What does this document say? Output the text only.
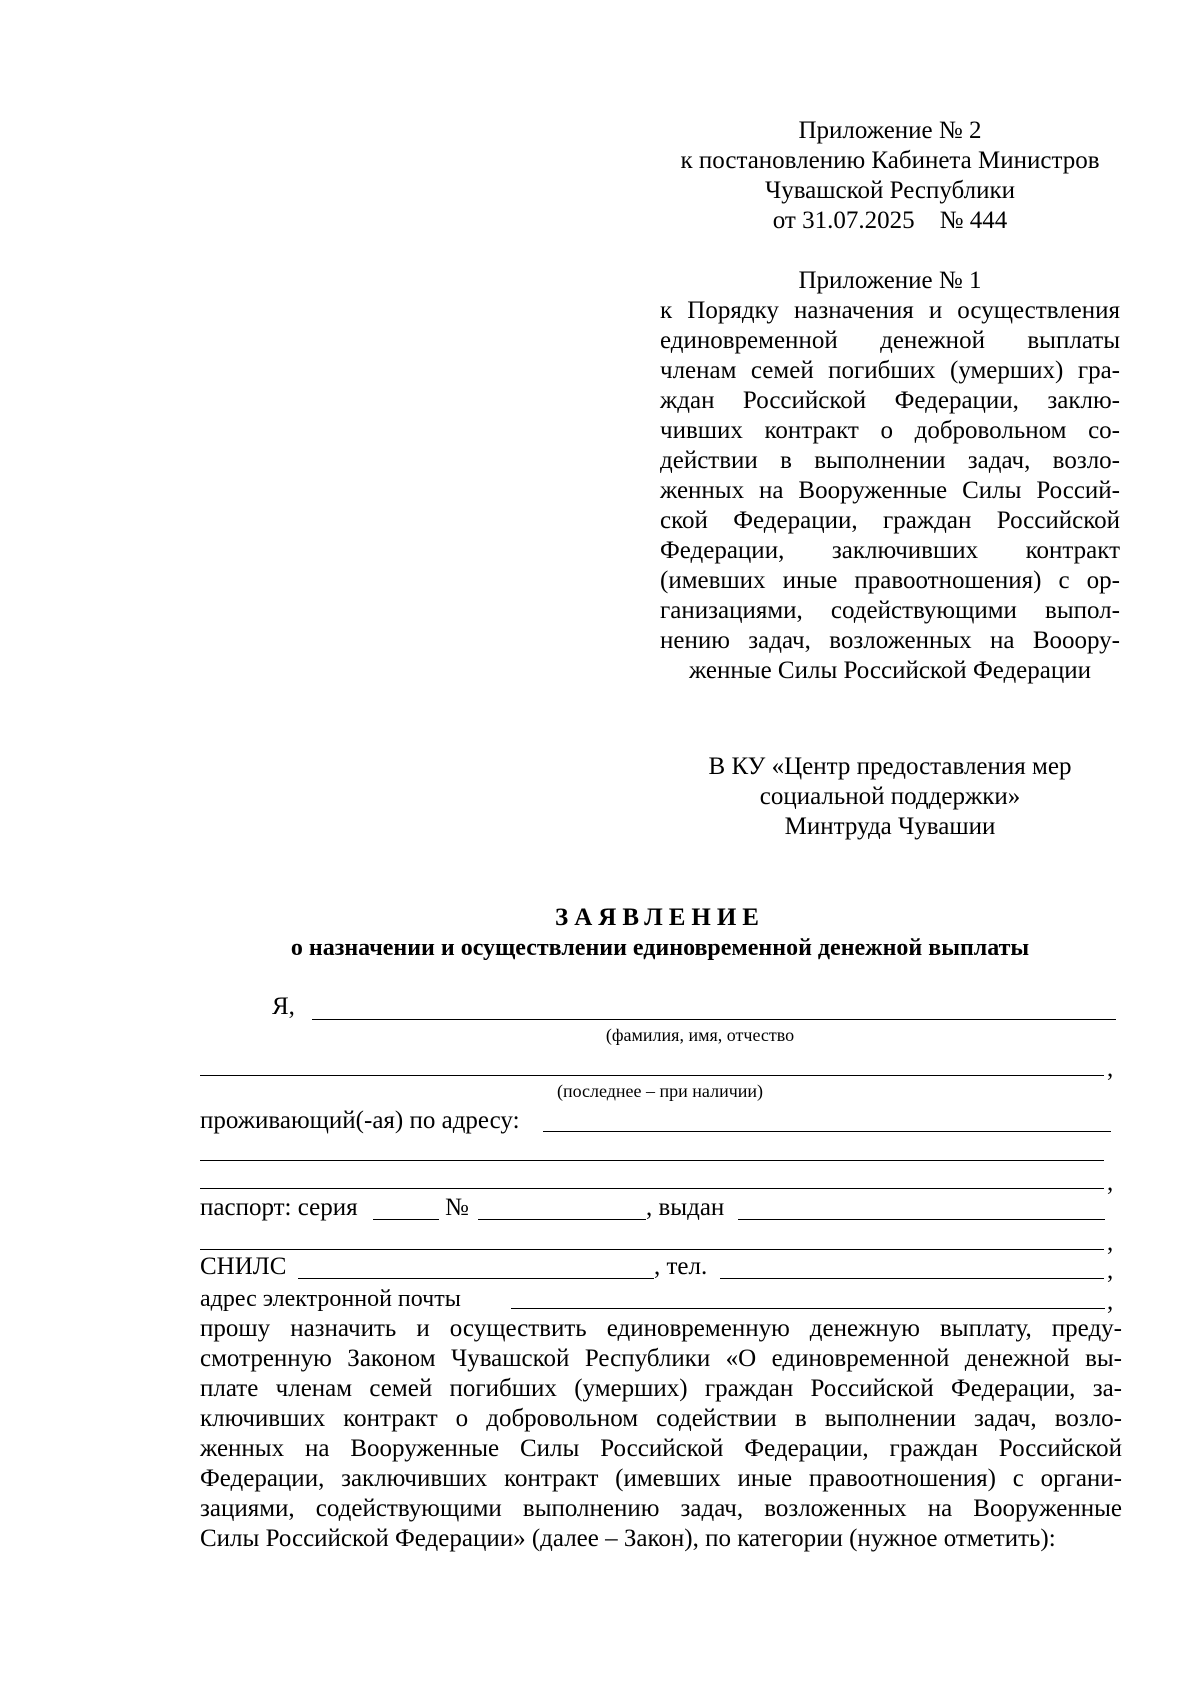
Приложение № 2
к постановлению Кабинета Министров
Чувашской Республики
от 31.07.2025    № 444
Приложение № 1
к Порядку назначения и осуществления
единовременной денежной выплаты
членам семей погибших (умерших) гра-
ждан Российской Федерации, заклю-
чивших контракт о добровольном со-
действии в выполнении задач, возло-
женных на Вооруженные Силы Россий-
ской Федерации, граждан Российской
Федерации, заключивших контракт
(имевших иные правоотношения) с ор-
ганизациями, содействующими выпол-
нению задач, возложенных на Вооору-
женные Силы Российской Федерации
В КУ «Центр предоставления мер
социальной поддержки»
Минтруда Чувашии
ЗАЯВЛЕНИЕ
о назначении и осуществлении единовременной денежной выплаты
Я,
(фамилия, имя, отчество
,
(последнее – при наличии)
проживающий(-ая) по адресу:
,
паспорт: серия	№	, выдан
,
СНИЛС	, тел.	,
адрес электронной почты	,
прошу назначить и осуществить единовременную денежную выплату, преду-
смотренную Законом Чувашской Республики «О единовременной денежной вы-
плате членам семей погибших (умерших) граждан Российской Федерации, за-
ключивших контракт о добровольном содействии в выполнении задач, возло-
женных на Вооруженные Силы Российской Федерации, граждан Российской
Федерации, заключивших контракт (имевших иные правоотношения) с органи-
зациями, содействующими выполнению задач, возложенных на Вооруженные
Силы Российской Федерации» (далее – Закон), по категории (нужное отметить):
